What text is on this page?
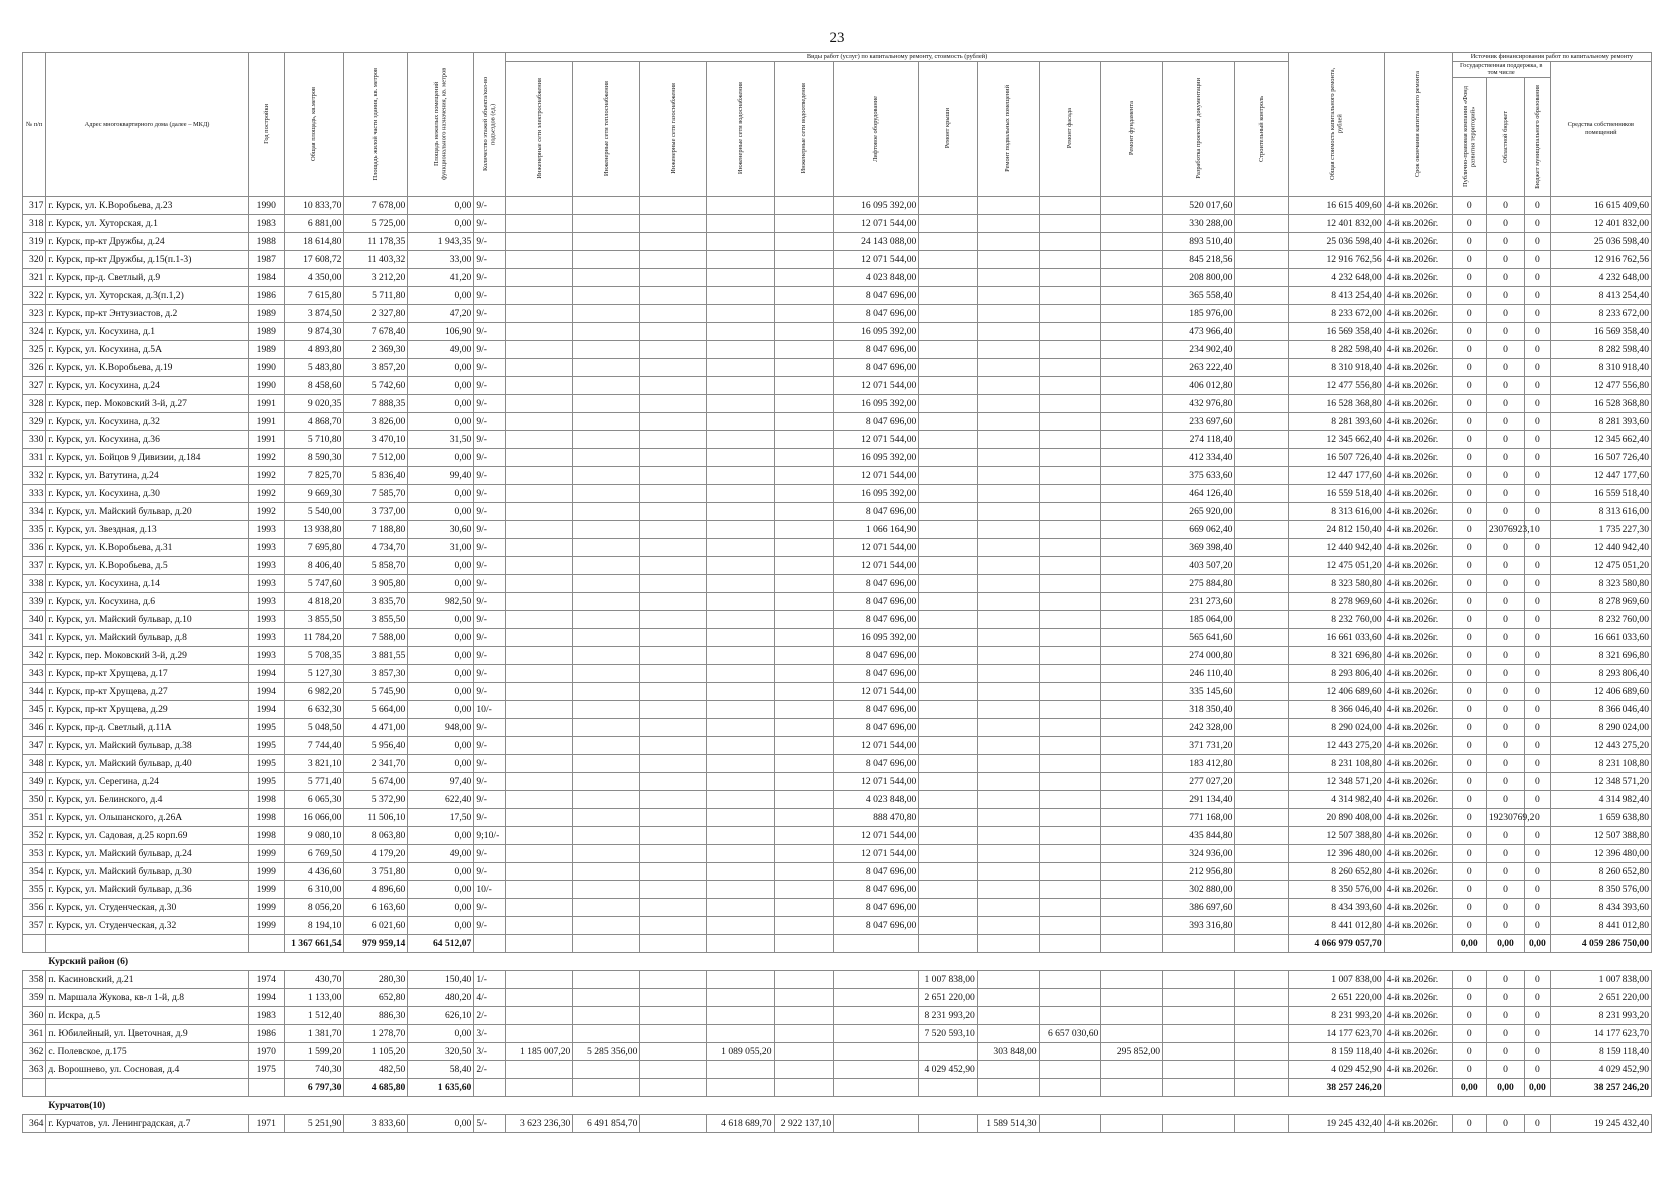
23
№ п/п	Адрес многоквартирного дома (далее – МКД)	Год постройки	Общая площадь, кв.метров	Площадь жилой части здания, кв. метров	Площадь нежилых помещений функционального назначения, кв. метров	Количество этажей объекта/кол-во подъездов (ед.)	Виды работ (услуг) по капитальному ремонту, стоимость (рублей)												Общая стоимость капитального ремонта, рублей	Срок окончания капитального ремонта	Источник финансирования работ по капитальному ремонту			

							Инженерные сети электроснабжения	Инженерные сети теплоснабжения	Инженерные сети газоснабжения	Инженерные сети водоснабжения	Инженерные сети водоотведения	Лифтовое оборудование	Ремонт крыши	Ремонт подвальных помещений	Ремонт фасада	Ремонт фундамента	Разработка проектной документации	Строительный контроль			Государственная поддержка, в том числе			Средства собственников помещений

																					Публично-правовая компания «Фонд развития территорий»	Областной бюджет	Бюджет муниципального образования	

317	г. Курск, ул. К.Воробьева, д.23	1990	10 833,70	7 678,00	0,00	9/-						16 095 392,00					520 017,60		16 615 409,60	4-й кв.2026г.	0	0	0	16 615 409,60
318	г. Курск, ул. Хуторская, д.1	1983	6 881,00	5 725,00	0,00	9/-						12 071 544,00					330 288,00		12 401 832,00	4-й кв.2026г.	0	0	0	12 401 832,00
319	г. Курск, пр-кт Дружбы, д.24	1988	18 614,80	11 178,35	1 943,35	9/-						24 143 088,00					893 510,40		25 036 598,40	4-й кв.2026г.	0	0	0	25 036 598,40
320	г. Курск, пр-кт Дружбы, д.15(п.1-3)	1987	17 608,72	11 403,32	33,00	9/-						12 071 544,00					845 218,56		12 916 762,56	4-й кв.2026г.	0	0	0	12 916 762,56
321	г. Курск, пр-д. Светлый, д.9	1984	4 350,00	3 212,20	41,20	9/-						4 023 848,00					208 800,00		4 232 648,00	4-й кв.2026г.	0	0	0	4 232 648,00
322	г. Курск, ул. Хуторская, д.3(п.1,2)	1986	7 615,80	5 711,80	0,00	9/-						8 047 696,00					365 558,40		8 413 254,40	4-й кв.2026г.	0	0	0	8 413 254,40
323	г. Курск, пр-кт Энтузиастов, д.2	1989	3 874,50	2 327,80	47,20	9/-						8 047 696,00					185 976,00		8 233 672,00	4-й кв.2026г.	0	0	0	8 233 672,00
324	г. Курск, ул. Косухина, д.1	1989	9 874,30	7 678,40	106,90	9/-						16 095 392,00					473 966,40		16 569 358,40	4-й кв.2026г.	0	0	0	16 569 358,40
325	г. Курск, ул. Косухина, д.5А	1989	4 893,80	2 369,30	49,00	9/-						8 047 696,00					234 902,40		8 282 598,40	4-й кв.2026г.	0	0	0	8 282 598,40
326	г. Курск, ул. К.Воробьева, д.19	1990	5 483,80	3 857,20	0,00	9/-						8 047 696,00					263 222,40		8 310 918,40	4-й кв.2026г.	0	0	0	8 310 918,40
327	г. Курск, ул. Косухина, д.24	1990	8 458,60	5 742,60	0,00	9/-						12 071 544,00					406 012,80		12 477 556,80	4-й кв.2026г.	0	0	0	12 477 556,80
328	г. Курск, пер. Моковский 3-й, д.27	1991	9 020,35	7 888,35	0,00	9/-						16 095 392,00					432 976,80		16 528 368,80	4-й кв.2026г.	0	0	0	16 528 368,80
329	г. Курск, ул. Косухина, д.32	1991	4 868,70	3 826,00	0,00	9/-						8 047 696,00					233 697,60		8 281 393,60	4-й кв.2026г.	0	0	0	8 281 393,60
330	г. Курск, ул. Косухина, д.36	1991	5 710,80	3 470,10	31,50	9/-						12 071 544,00					274 118,40		12 345 662,40	4-й кв.2026г.	0	0	0	12 345 662,40
331	г. Курск, ул. Бойцов 9 Дивизии, д.184	1992	8 590,30	7 512,00	0,00	9/-						16 095 392,00					412 334,40		16 507 726,40	4-й кв.2026г.	0	0	0	16 507 726,40
332	г. Курск, ул. Ватутина, д.24	1992	7 825,70	5 836,40	99,40	9/-						12 071 544,00					375 633,60		12 447 177,60	4-й кв.2026г.	0	0	0	12 447 177,60
333	г. Курск, ул. Косухина, д.30	1992	9 669,30	7 585,70	0,00	9/-						16 095 392,00					464 126,40		16 559 518,40	4-й кв.2026г.	0	0	0	16 559 518,40
334	г. Курск, ул. Майский бульвар, д.20	1992	5 540,00	3 737,00	0,00	9/-						8 047 696,00					265 920,00		8 313 616,00	4-й кв.2026г.	0	0	0	8 313 616,00
335	г. Курск, ул. Звездная, д.13	1993	13 938,80	7 188,80	30,60	9/-						1 066 164,90					669 062,40		24 812 150,40	4-й кв.2026г.	0	23076923,1	0	1 735 227,30
336	г. Курск, ул. К.Воробьева, д.31	1993	7 695,80	4 734,70	31,00	9/-						12 071 544,00					369 398,40		12 440 942,40	4-й кв.2026г.	0	0	0	12 440 942,40
337	г. Курск, ул. К.Воробьева, д.5	1993	8 406,40	5 858,70	0,00	9/-						12 071 544,00					403 507,20		12 475 051,20	4-й кв.2026г.	0	0	0	12 475 051,20
338	г. Курск, ул. Косухина, д.14	1993	5 747,60	3 905,80	0,00	9/-						8 047 696,00					275 884,80		8 323 580,80	4-й кв.2026г.	0	0	0	8 323 580,80
339	г. Курск, ул. Косухина, д.6	1993	4 818,20	3 835,70	982,50	9/-						8 047 696,00					231 273,60		8 278 969,60	4-й кв.2026г.	0	0	0	8 278 969,60
340	г. Курск, ул. Майский бульвар, д.10	1993	3 855,50	3 855,50	0,00	9/-						8 047 696,00					185 064,00		8 232 760,00	4-й кв.2026г.	0	0	0	8 232 760,00
341	г. Курск, ул. Майский бульвар, д.8	1993	11 784,20	7 588,00	0,00	9/-						16 095 392,00					565 641,60		16 661 033,60	4-й кв.2026г.	0	0	0	16 661 033,60
342	г. Курск, пер. Моковский 3-й, д.29	1993	5 708,35	3 881,55	0,00	9/-						8 047 696,00					274 000,80		8 321 696,80	4-й кв.2026г.	0	0	0	8 321 696,80
343	г. Курск, пр-кт Хрущева, д.17	1994	5 127,30	3 857,30	0,00	9/-						8 047 696,00					246 110,40		8 293 806,40	4-й кв.2026г.	0	0	0	8 293 806,40
344	г. Курск, пр-кт Хрущева, д.27	1994	6 982,20	5 745,90	0,00	9/-						12 071 544,00					335 145,60		12 406 689,60	4-й кв.2026г.	0	0	0	12 406 689,60
345	г. Курск, пр-кт Хрущева, д.29	1994	6 632,30	5 664,00	0,00	10/-						8 047 696,00					318 350,40		8 366 046,40	4-й кв.2026г.	0	0	0	8 366 046,40
346	г. Курск, пр-д. Светлый, д.11А	1995	5 048,50	4 471,00	948,00	9/-						8 047 696,00					242 328,00		8 290 024,00	4-й кв.2026г.	0	0	0	8 290 024,00
347	г. Курск, ул. Майский бульвар, д.38	1995	7 744,40	5 956,40	0,00	9/-						12 071 544,00					371 731,20		12 443 275,20	4-й кв.2026г.	0	0	0	12 443 275,20
348	г. Курск, ул. Майский бульвар, д.40	1995	3 821,10	2 341,70	0,00	9/-						8 047 696,00					183 412,80		8 231 108,80	4-й кв.2026г.	0	0	0	8 231 108,80
349	г. Курск, ул. Серегина, д.24	1995	5 771,40	5 674,00	97,40	9/-						12 071 544,00					277 027,20		12 348 571,20	4-й кв.2026г.	0	0	0	12 348 571,20
350	г. Курск, ул. Белинского, д.4	1998	6 065,30	5 372,90	622,40	9/-						4 023 848,00					291 134,40		4 314 982,40	4-й кв.2026г.	0	0	0	4 314 982,40
351	г. Курск, ул. Ольшанского, д.26А	1998	16 066,00	11 506,10	17,50	9/-						888 470,80					771 168,00		20 890 408,00	4-й кв.2026г.	0	19230769,2	0	1 659 638,80
352	г. Курск, ул. Садовая, д.25 корп.69	1998	9 080,10	8 063,80	0,00	9;10/-						12 071 544,00					435 844,80		12 507 388,80	4-й кв.2026г.	0	0	0	12 507 388,80
353	г. Курск, ул. Майский бульвар, д.24	1999	6 769,50	4 179,20	49,00	9/-						12 071 544,00					324 936,00		12 396 480,00	4-й кв.2026г.	0	0	0	12 396 480,00
354	г. Курск, ул. Майский бульвар, д.30	1999	4 436,60	3 751,80	0,00	9/-						8 047 696,00					212 956,80		8 260 652,80	4-й кв.2026г.	0	0	0	8 260 652,80
355	г. Курск, ул. Майский бульвар, д.36	1999	6 310,00	4 896,60	0,00	10/-						8 047 696,00					302 880,00		8 350 576,00	4-й кв.2026г.	0	0	0	8 350 576,00
356	г. Курск, ул. Студенческая, д.30	1999	8 056,20	6 163,60	0,00	9/-						8 047 696,00					386 697,60		8 434 393,60	4-й кв.2026г.	0	0	0	8 434 393,60
357	г. Курск, ул. Студенческая, д.32	1999	8 194,10	6 021,60	0,00	9/-						8 047 696,00					393 316,80		8 441 012,80	4-й кв.2026г.	0	0	0	8 441 012,80
			1 367 661,54	979 959,14	64 512,07														4 066 979 057,70		0,00	0,00	0,00	4 059 286 750,00
	Курский район (6)																							
358	п. Касиновский, д.21	1974	430,70	280,30	150,40	1/-							1 007 838,00						1 007 838,00	4-й кв.2026г.	0	0	0	1 007 838,00
359	п. Маршала Жукова, кв-л 1-й, д.8	1994	1 133,00	652,80	480,20	4/-							2 651 220,00						2 651 220,00	4-й кв.2026г.	0	0	0	2 651 220,00
360	п. Искра, д.5	1983	1 512,40	886,30	626,10	2/-							8 231 993,20						8 231 993,20	4-й кв.2026г.	0	0	0	8 231 993,20
361	п. Юбилейный, ул. Цветочная, д.9	1986	1 381,70	1 278,70	0,00	3/-							7 520 593,10		6 657 030,60				14 177 623,70	4-й кв.2026г.	0	0	0	14 177 623,70
362	с. Полевское, д.175	1970	1 599,20	1 105,20	320,50	3/-	1 185 007,20	5 285 356,00		1 089 055,20				303 848,00		295 852,00			8 159 118,40	4-й кв.2026г.	0	0	0	8 159 118,40
363	д. Ворошнево, ул. Сосновая, д.4	1975	740,30	482,50	58,40	2/-							4 029 452,90						4 029 452,90	4-й кв.2026г.	0	0	0	4 029 452,90
			6 797,30	4 685,80	1 635,60														38 257 246,20		0,00	0,00	0,00	38 257 246,20
	Курчатов(10)																							
364	г. Курчатов, ул. Ленинградская, д.7	1971	5 251,90	3 833,60	0,00	5/-	3 623 236,30	6 491 854,70		4 618 689,70	2 922 137,10			1 589 514,30					19 245 432,40	4-й кв.2026г.	0	0	0	19 245 432,40
